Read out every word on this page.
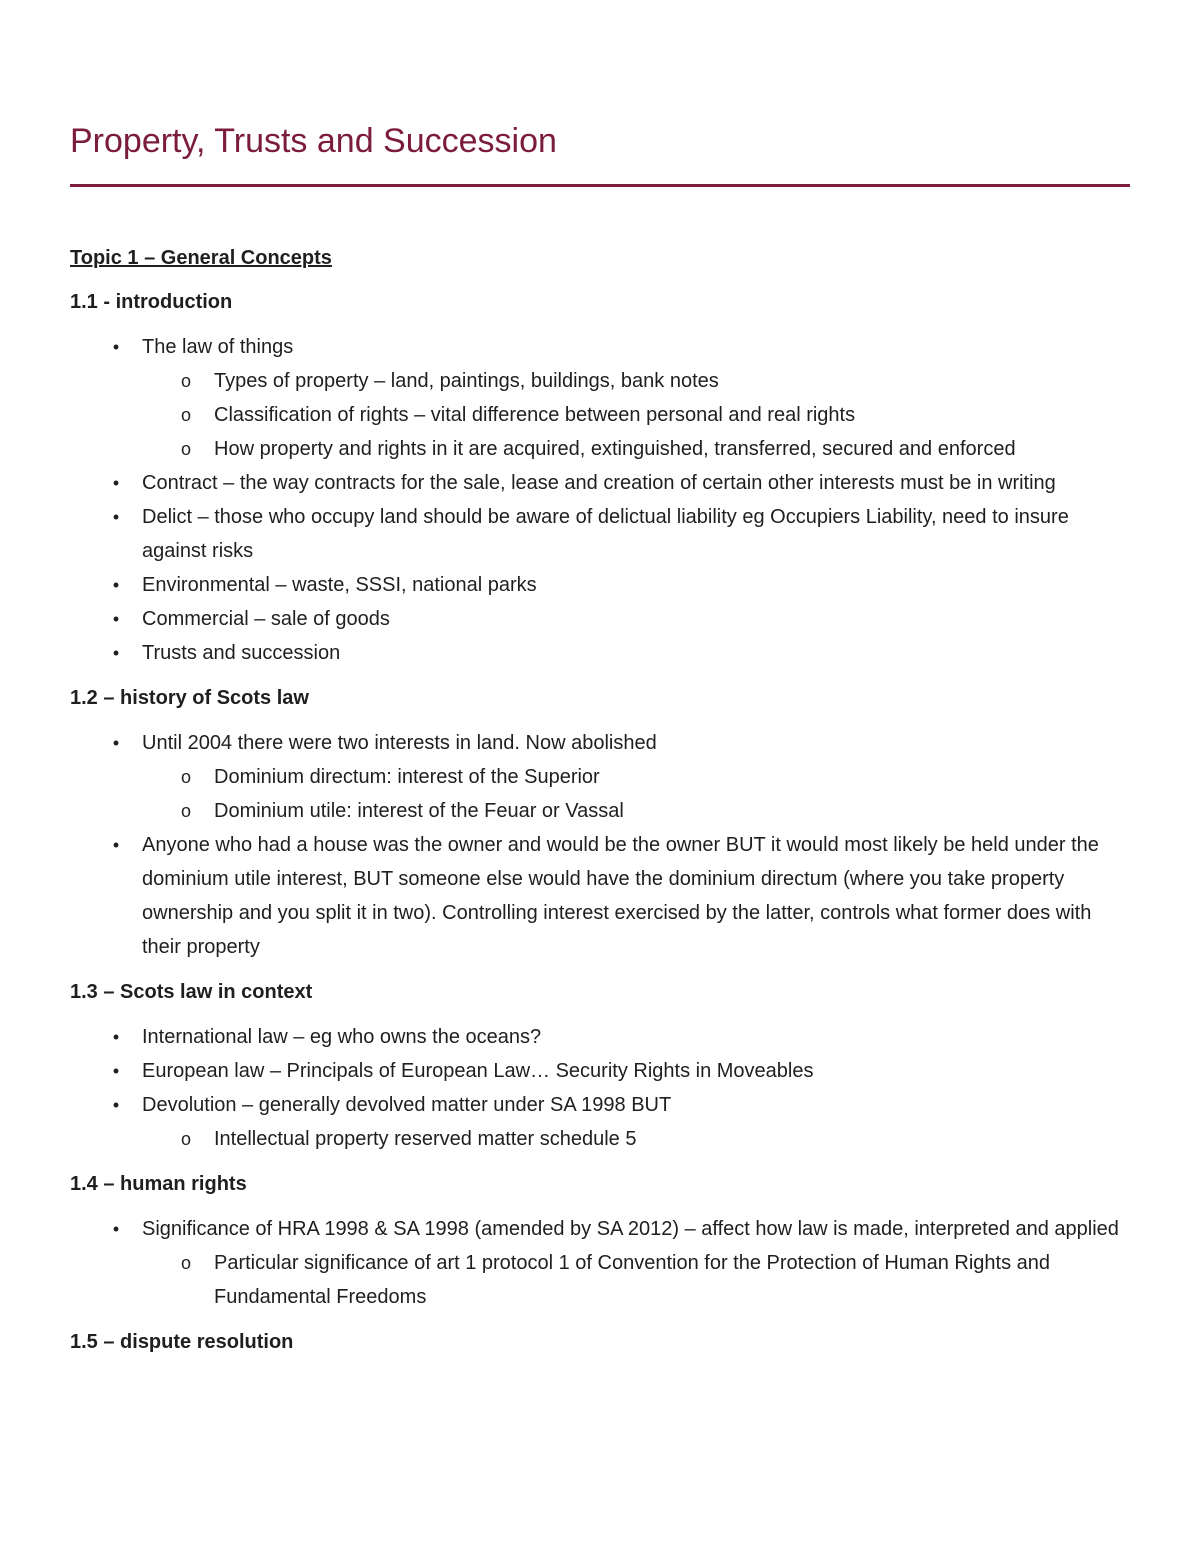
Property, Trusts and Succession

Topic 1 – General Concepts

1.1 - introduction

•	The law of things
o Types of property – land, paintings, buildings, bank notes
o Classification of rights – vital difference between personal and real rights
o How property and rights in it are acquired, extinguished, transferred, secured and enforced
•	Contract – the way contracts for the sale, lease and creation of certain other interests must be in writing
•	Delict – those who occupy land should be aware of delictual liability eg Occupiers Liability, need to insure against risks
•	Environmental – waste, SSSI, national parks
•	Commercial – sale of goods
•	Trusts and succession

1.2 – history of Scots law

•	Until 2004 there were two interests in land. Now abolished
o Dominium directum: interest of the Superior
o Dominium utile: interest of the Feuar or Vassal
•	Anyone who had a house was the owner and would be the owner BUT it would most likely be held under the dominium utile interest, BUT someone else would have the dominium directum (where you take property ownership and you split it in two). Controlling interest exercised by the latter, controls what former does with their property

1.3 – Scots law in context

•	International law – eg who owns the oceans?
•	European law – Principals of European Law… Security Rights in Moveables
•	Devolution – generally devolved matter under SA 1998 BUT
o Intellectual property reserved matter schedule 5

1.4 – human rights

•	Significance of HRA 1998 & SA 1998 (amended by SA 2012) – affect how law is made, interpreted and applied
o Particular significance of art 1 protocol 1 of Convention for the Protection of Human Rights and Fundamental Freedoms

1.5 – dispute resolution
